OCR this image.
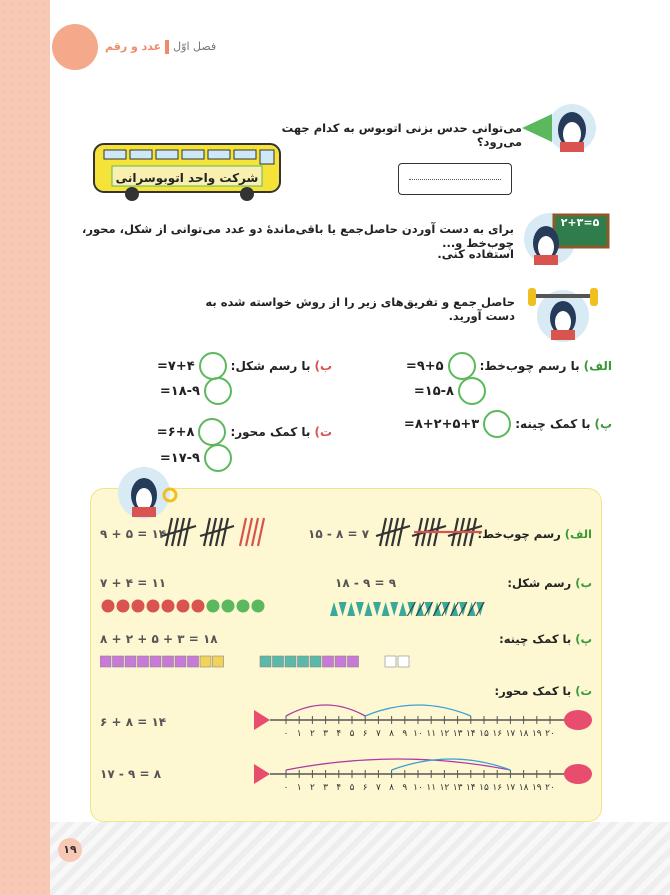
فصل اوّلعدد و رقم
می‌توانی حدس بزنی اتوبوس به کدام جهت می‌رود؟
شرکت واحد اتوبوسرانی
برای به دست آوردن حاصل‌جمع یا باقی‌ماندهٔ دو عدد می‌توانی از شکل، محور، چوب‌خط و...
استفاده کنی.
۲+۳=۵
حاصل جمع و تفریق‌های زیر را از روش خواسته شده به دست آورید.
الف)
با رسم چوب‌خط:
۹+۵=
۱۵-۸=
پ)
با کمک چینه:
۸+۲+۵+۳=
ب)
با رسم شکل:
۷+۴=
۱۸-۹=
ت)
با کمک محور:
۶+۸=
۱۷-۹=
الف) رسم چوب‌خط:
ب) رسم شکل:
پ) با کمک چینه:
ت) با کمک محور:
۱۵ - ۸ = ۷
۹ + ۵ = ۱۴
۱۸ - ۹ = ۹
۷ + ۴ = ۱۱
۸ + ۲ + ۵ + ۳ = ۱۸
۶ + ۸ = ۱۴
۱۷ - ۹ = ۸
۰ ۱ ۲ ۳ ۴ ۵ ۶ ۷ ۸ ۹ ۱۰ ۱۱ ۱۲ ۱۳ ۱۴ ۱۵ ۱۶ ۱۷ ۱۸ ۱۹ ۲۰
۰ ۱ ۲ ۳ ۴ ۵ ۶ ۷ ۸ ۹ ۱۰ ۱۱ ۱۲ ۱۳ ۱۴ ۱۵ ۱۶ ۱۷ ۱۸ ۱۹ ۲۰
۱۹
